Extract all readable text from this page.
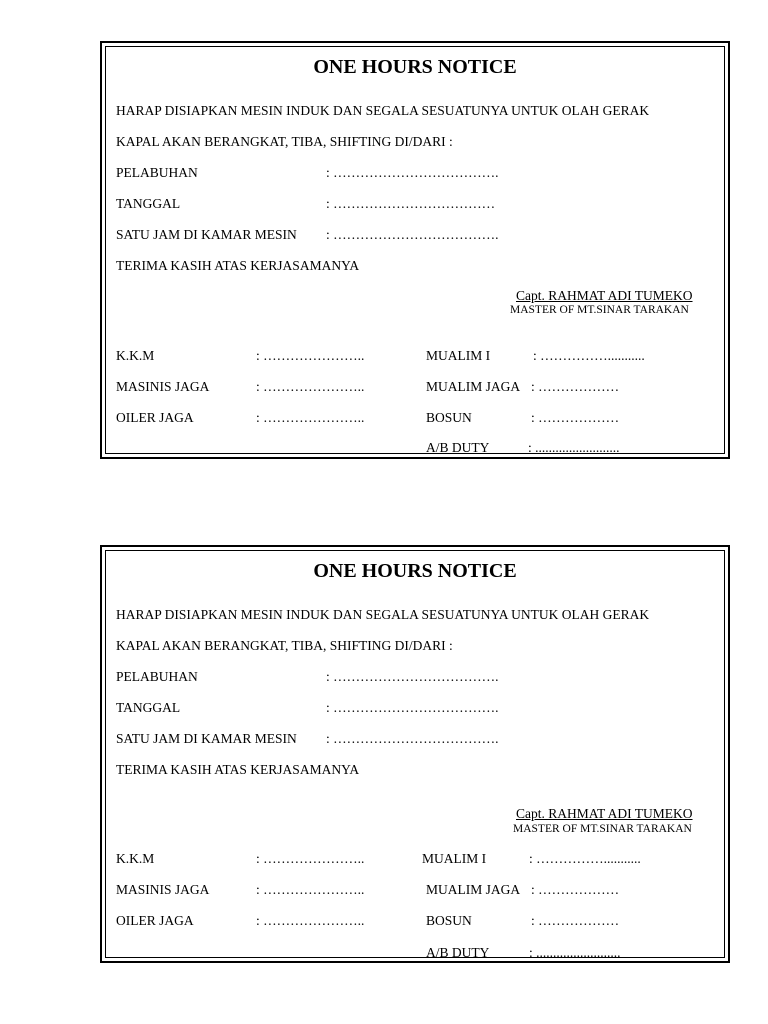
ONE HOURS NOTICE
HARAP DISIAPKAN MESIN INDUK DAN SEGALA SESUATUNYA UNTUK OLAH GERAK
KAPAL AKAN BERANGKAT, TIBA, SHIFTING DI/DARI :
PELABUHAN	: ……………………………….
TANGGAL	: ………………………………
SATU JAM DI KAMAR MESIN : ……………………………….
TERIMA KASIH ATAS KERJASAMANYA
Capt. RAHMAT ADI TUMEKO
MASTER OF MT.SINAR TARAKAN
K.K.M	: …………………..
MASINIS JAGA	: …………………..
OILER JAGA	: …………………..
MUALIM I	: ……………...........
MUALIM JAGA : ………………
BOSUN	: ………………
A/B DUTY	: .........................
ONE HOURS NOTICE
HARAP DISIAPKAN MESIN INDUK DAN SEGALA SESUATUNYA UNTUK OLAH GERAK
KAPAL AKAN BERANGKAT, TIBA, SHIFTING DI/DARI :
PELABUHAN	: ……………………………….
TANGGAL	: ……………………………….
SATU JAM DI KAMAR MESIN : ……………………………….
TERIMA KASIH ATAS KERJASAMANYA
Capt. RAHMAT ADI TUMEKO
MASTER OF MT.SINAR TARAKAN
K.K.M	: …………………..
MASINIS JAGA	: …………………..
OILER JAGA	: …………………..
MUALIM I	: ……………...........
MUALIM JAGA : ………………
BOSUN	: ………………
A/B DUTY	: .........................
